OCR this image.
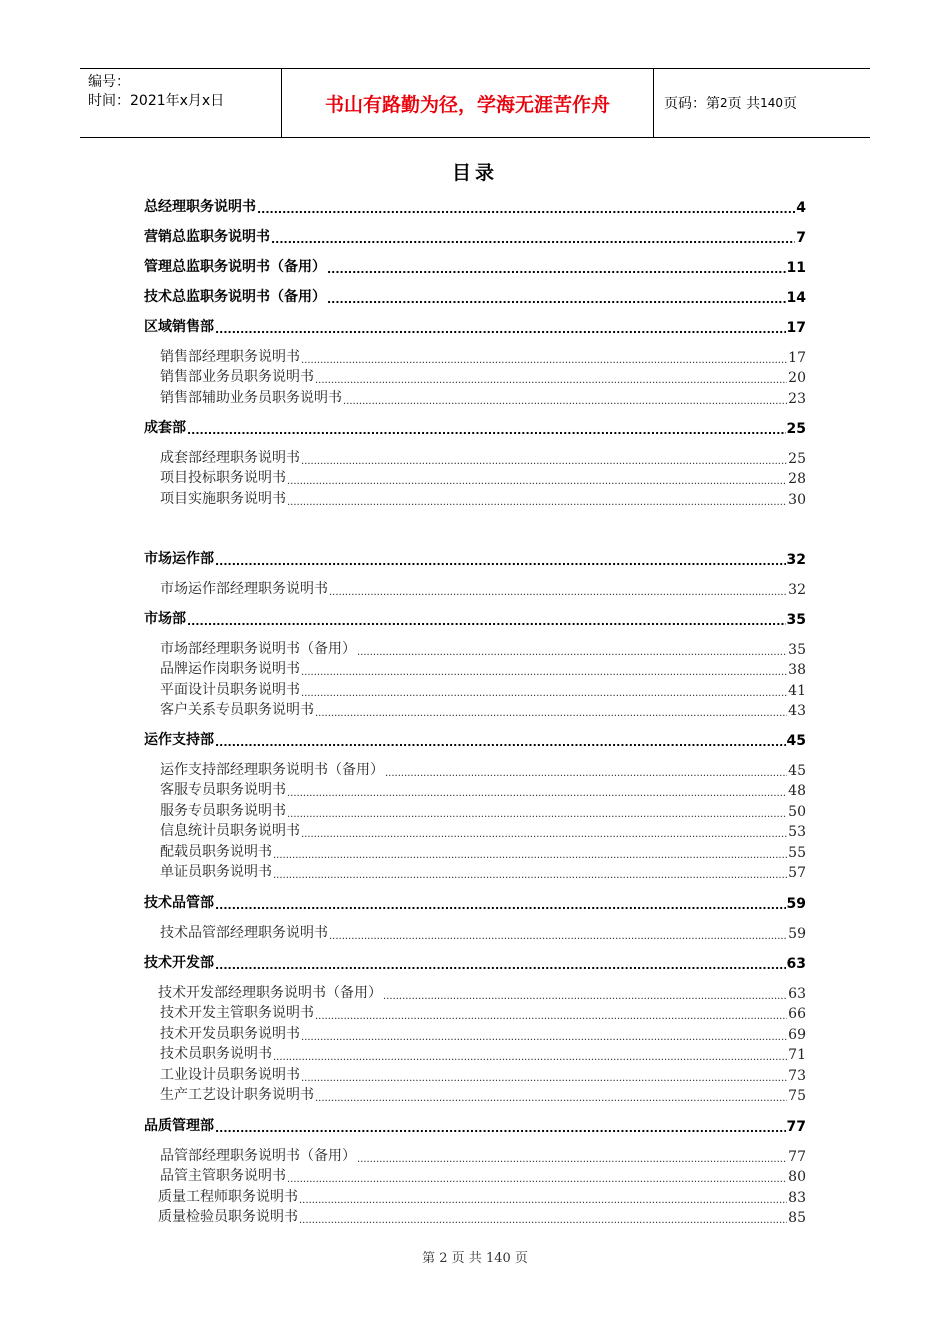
编号：
时间：2021年x月x日	书山有路勤为径，学海无涯苦作舟	页码：第 2 页 共 140 页
目录
总经理职务说明书 .....	4
营销总监职务说明书 .....	7
管理总监职务说明书（备用） .....	11
技术总监职务说明书（备用） .....	14
区域销售部 .....	17
销售部经理职务说明书 .....	17
销售部业务员职务说明书 .....	20
销售部辅助业务员职务说明书 .....	23
成套部 .....	25
成套部经理职务说明书 .....	25
项目投标职务说明书 .....	28
项目实施职务说明书 .....	30
市场运作部 .....	32
市场运作部经理职务说明书 .....	32
市场部 .....	35
市场部经理职务说明书（备用） .....	35
品牌运作岗职务说明书 .....	38
平面设计员职务说明书 .....	41
客户关系专员职务说明书 .....	43
运作支持部 .....	45
运作支持部经理职务说明书（备用） .....	45
客服专员职务说明书 .....	48
服务专员职务说明书 .....	50
信息统计员职务说明书 .....	53
配载员职务说明书 .....	55
单证员职务说明书 .....	57
技术品管部 .....	59
技术品管部经理职务说明书 .....	59
技术开发部 .....	63
技术开发部经理职务说明书（备用） .....	63
技术开发主管职务说明书 .....	66
技术开发员职务说明书 .....	69
技术员职务说明书 .....	71
工业设计员职务说明书 .....	73
生产工艺设计职务说明书 .....	75
品质管理部 .....	77
品管部经理职务说明书（备用） .....	77
品管主管职务说明书 .....	80
质量工程师职务说明书 .....	83
质量检验员职务说明书 .....	85
第 2 页 共 140 页
